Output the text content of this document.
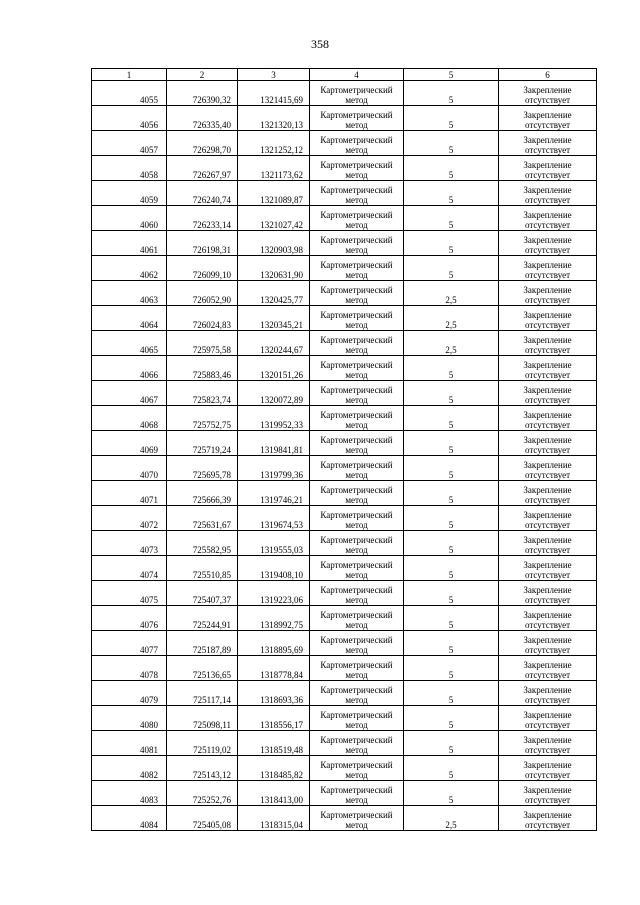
358
1	2	3	4	5	6
4055	726390,32	1321415,69	Картометрический метод	5	Закрепление отсутствует
4056	726335,40	1321320,13	Картометрический метод	5	Закрепление отсутствует
4057	726298,70	1321252,12	Картометрический метод	5	Закрепление отсутствует
4058	726267,97	1321173,62	Картометрический метод	5	Закрепление отсутствует
4059	726240,74	1321089,87	Картометрический метод	5	Закрепление отсутствует
4060	726233,14	1321027,42	Картометрический метод	5	Закрепление отсутствует
4061	726198,31	1320903,98	Картометрический метод	5	Закрепление отсутствует
4062	726099,10	1320631,90	Картометрический метод	5	Закрепление отсутствует
4063	726052,90	1320425,77	Картометрический метод	2,5	Закрепление отсутствует
4064	726024,83	1320345,21	Картометрический метод	2,5	Закрепление отсутствует
4065	725975,58	1320244,67	Картометрический метод	2,5	Закрепление отсутствует
4066	725883,46	1320151,26	Картометрический метод	5	Закрепление отсутствует
4067	725823,74	1320072,89	Картометрический метод	5	Закрепление отсутствует
4068	725752,75	1319952,33	Картометрический метод	5	Закрепление отсутствует
4069	725719,24	1319841,81	Картометрический метод	5	Закрепление отсутствует
4070	725695,78	1319799,36	Картометрический метод	5	Закрепление отсутствует
4071	725666,39	1319746,21	Картометрический метод	5	Закрепление отсутствует
4072	725631,67	1319674,53	Картометрический метод	5	Закрепление отсутствует
4073	725582,95	1319555,03	Картометрический метод	5	Закрепление отсутствует
4074	725510,85	1319408,10	Картометрический метод	5	Закрепление отсутствует
4075	725407,37	1319223,06	Картометрический метод	5	Закрепление отсутствует
4076	725244,91	1318992,75	Картометрический метод	5	Закрепление отсутствует
4077	725187,89	1318895,69	Картометрический метод	5	Закрепление отсутствует
4078	725136,65	1318778,84	Картометрический метод	5	Закрепление отсутствует
4079	725117,14	1318693,36	Картометрический метод	5	Закрепление отсутствует
4080	725098,11	1318556,17	Картометрический метод	5	Закрепление отсутствует
4081	725119,02	1318519,48	Картометрический метод	5	Закрепление отсутствует
4082	725143,12	1318485,82	Картометрический метод	5	Закрепление отсутствует
4083	725252,76	1318413,00	Картометрический метод	5	Закрепление отсутствует
4084	725405,08	1318315,04	Картометрический метод	2,5	Закрепление отсутствует
